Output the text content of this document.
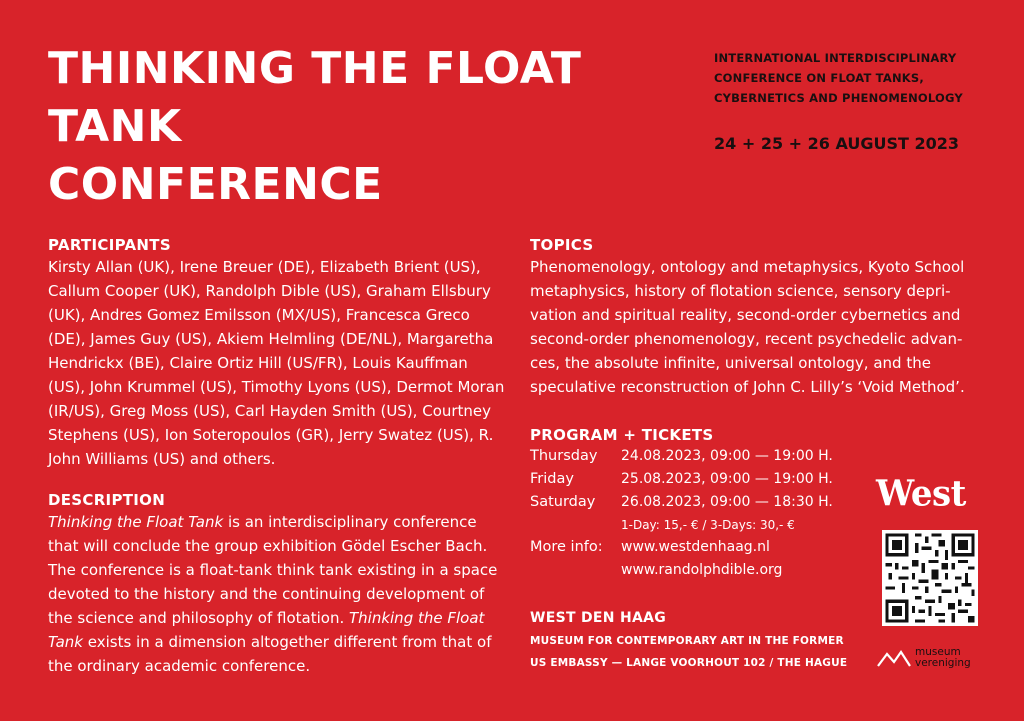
THINKING THE FLOAT TANK
CONFERENCE
INTERNATIONAL INTERDISCIPLINARY
CONFERENCE ON FLOAT TANKS,
CYBERNETICS AND PHENOMENOLOGY
24 + 25 + 26 AUGUST 2023
PARTICIPANTS

Kirsty Allan (UK), Irene Breuer (DE), Elizabeth Brient (US), Callum Cooper (UK), Randolph Dible (US), Graham Ellsbury (UK), Andres Gomez Emilsson (MX/US), Francesca Greco (DE), James Guy (US), Akiem Helmling (DE/NL), Margaretha Hendrickx (BE), Claire Ortiz Hill (US/FR), Louis Kauffman (US), John Krummel (US), Timothy Lyons (US), Dermot Moran (IR/US), Greg Moss (US), Carl Hayden Smith (US), Courtney Stephens (US), Ion Soteropoulos (GR), Jerry Swatez (US), R. John Williams (US) and others.

TOPICS

Phenomenology, ontology and metaphysics, Kyoto School metaphysics, history of flotation science, sensory depri-vation and spiritual reality, second-order cybernetics and second-order phenomenology, recent psychedelic advan-ces, the absolute infinite, universal ontology, and the speculative reconstruction of John C. Lilly’s ‘Void Method’.

DESCRIPTION

Thinking the Float Tank is an interdisciplinary conference that will conclude the group exhibition Gödel Escher Bach. The conference is a float-tank think tank existing in a space devoted to the history and the continuing development of the science and philosophy of flotation. Thinking the Float Tank exists in a dimension altogether different from that of the ordinary academic conference.

PROGRAM + TICKETS
Thursday	24.08.2023, 09:00 — 19:00 H.
Friday	25.08.2023, 09:00 — 19:00 H.
Saturday	26.08.2023, 09:00 — 18:30 H.
	1-Day: 15,- € / 3-Days: 30,- €
More info:	www.westdenhaag.nl
	www.randolphdible.org
WEST DEN HAAG
MUSEUM FOR CONTEMPORARY ART IN THE FORMER
US EMBASSY — LANGE VOORHOUT 102 / THE HAGUE
West
museum
vereniging
